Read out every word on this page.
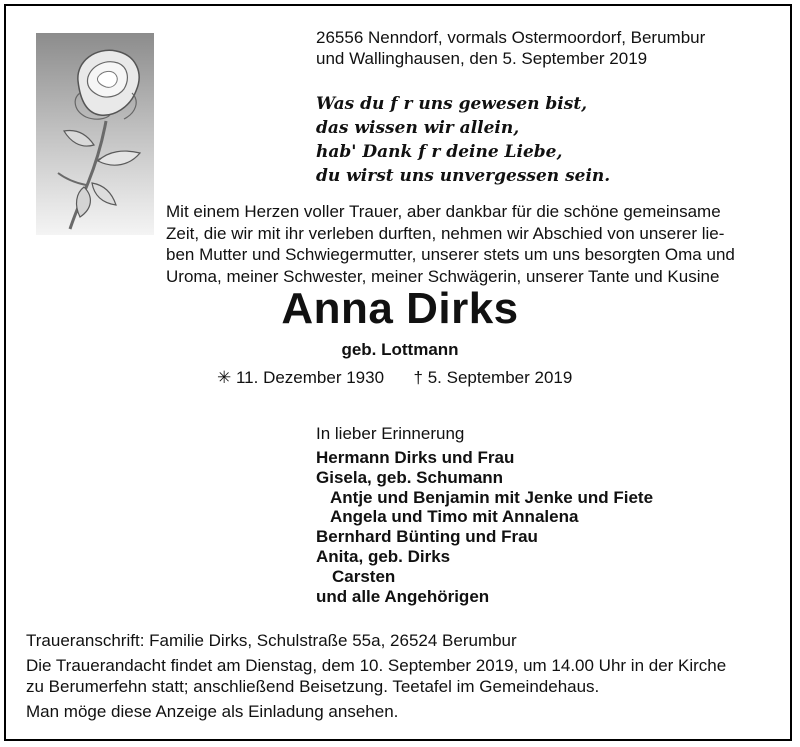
26556 Nenndorf, vormals Ostermoordorf, Berumbur
und Wallinghausen, den 5. September 2019
Was du f r uns gewesen bist,
das wissen wir allein,
hab' Dank f r deine Liebe,
du wirst uns unvergessen sein.
Mit einem Herzen voller Trauer, aber dankbar für die schöne gemeinsame
Zeit, die wir mit ihr verleben durften, nehmen wir Abschied von unserer lie-
ben Mutter und Schwiegermutter, unserer stets um uns besorgten Oma und
Uroma, meiner Schwester, meiner Schwägerin, unserer Tante und Kusine
Anna Dirks
geb. Lottmann
✳ 11. Dezember 1930 † 5. September 2019
In lieber Erinnerung
Hermann Dirks und Frau
Gisela, geb. Schumann
Antje und Benjamin mit Jenke und Fiete
Angela und Timo mit Annalena
Bernhard Bünting und Frau
Anita, geb. Dirks
Carsten
und alle Angehörigen
Traueranschrift: Familie Dirks, Schulstraße 55a, 26524 Berumbur
Die Trauerandacht findet am Dienstag, dem 10. September 2019, um 14.00 Uhr in der Kirche
zu Berumerfehn statt; anschließend Beisetzung. Teetafel im Gemeindehaus.
Man möge diese Anzeige als Einladung ansehen.
